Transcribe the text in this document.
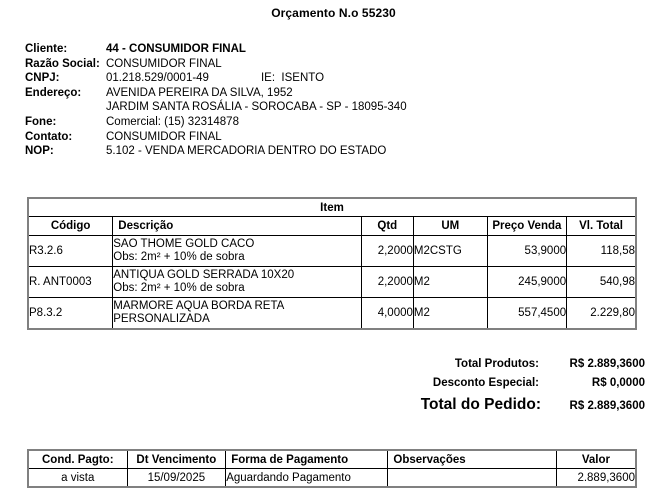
Orçamento N.o 55230
Cliente:	44 - CONSUMIDOR FINAL
Razão Social: CONSUMIDOR FINAL
CNPJ:	01.218.529/0001-49	IE: ISENTO
Endereço:	AVENIDA PEREIRA DA SILVA, 1952
JARDIM SANTA ROSÁLIA - SOROCABA - SP - 18095-340
Fone:	Comercial: (15) 32314878
Contato:	CONSUMIDOR FINAL
NOP:	5.102 - VENDA MERCADORIA DENTRO DO ESTADO
Item					
Código	Descrição	Qtd	UM	Preço Venda	Vl. Total
R3.2.6	SAO THOME GOLD CACO
Obs: 2m² + 10% de sobra	2,2000	M2CSTG	53,9000	118,58
R. ANT0003	ANTIQUA GOLD SERRADA 10X20
Obs: 2m² + 10% de sobra	2,2000	M2	245,9000	540,98
P8.3.2	MARMORE AQUA BORDA RETA
PERSONALIZADA	4,0000	M2	557,4500	2.229,80
Total Produtos:	R$ 2.889,3600
Desconto Especial:	R$ 0,0000
Total do Pedido:	R$ 2.889,3600
Cond. Pagto:	Dt Vencimento	Forma de Pagamento	Observações	Valor
a vista	15/09/2025	Aguardando Pagamento		2.889,3600
